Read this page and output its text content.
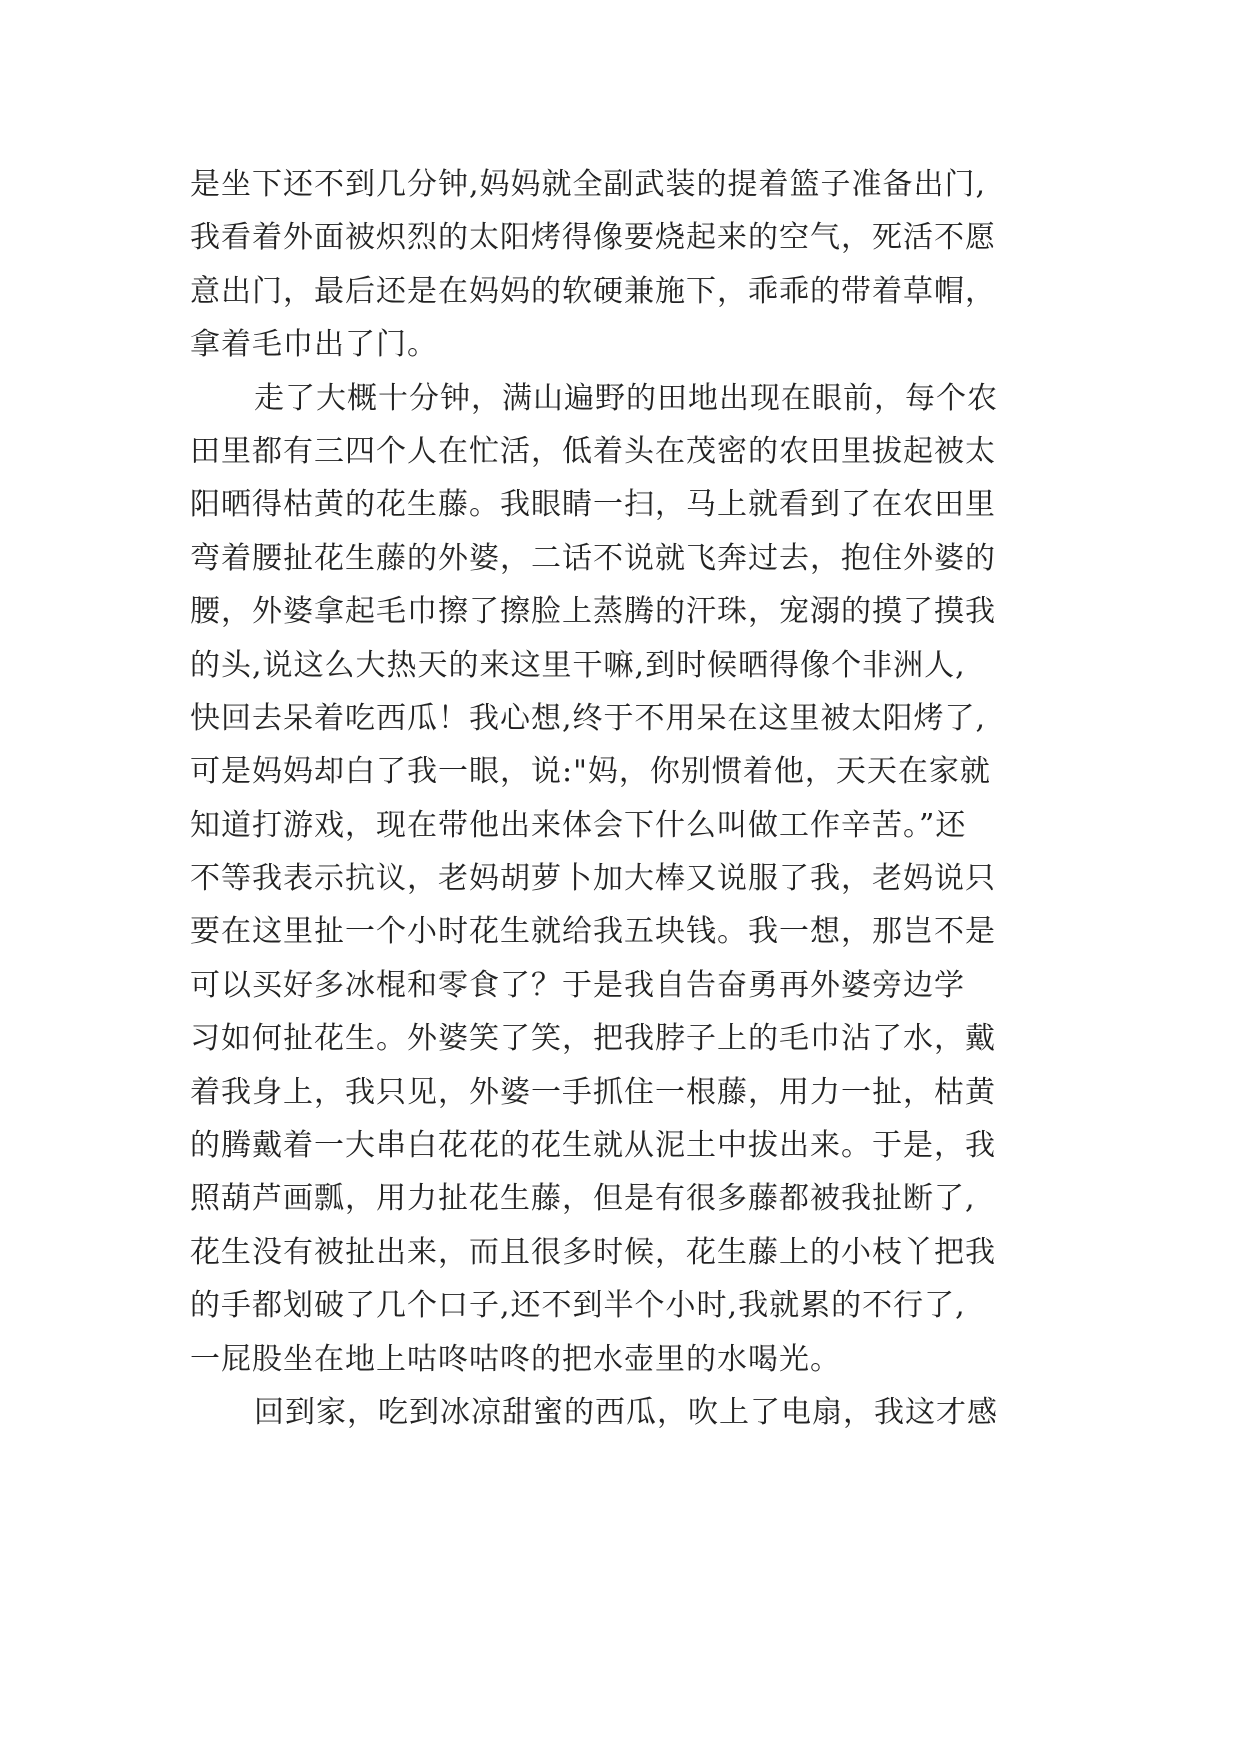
是坐下还不到几分钟,妈妈就全副武装的提着篮子准备出门,
我看着外面被炽烈的太阳烤得像要烧起来的空气，死活不愿
意出门，最后还是在妈妈的软硬兼施下，乖乖的带着草帽，
拿着毛巾出了门。
走了大概十分钟，满山遍野的田地出现在眼前，每个农
田里都有三四个人在忙活，低着头在茂密的农田里拔起被太
阳晒得枯黄的花生藤。我眼睛一扫，马上就看到了在农田里
弯着腰扯花生藤的外婆，二话不说就飞奔过去，抱住外婆的
腰，外婆拿起毛巾擦了擦脸上蒸腾的汗珠，宠溺的摸了摸我
的头,说这么大热天的来这里干嘛,到时候晒得像个非洲人,
快回去呆着吃西瓜！我心想,终于不用呆在这里被太阳烤了,
可是妈妈却白了我一眼，说:"妈，你别惯着他，天天在家就
知道打游戏，现在带他出来体会下什么叫做工作辛苦。”还
不等我表示抗议，老妈胡萝卜加大棒又说服了我，老妈说只
要在这里扯一个小时花生就给我五块钱。我一想，那岂不是
可以买好多冰棍和零食了？于是我自告奋勇再外婆旁边学
习如何扯花生。外婆笑了笑，把我脖子上的毛巾沾了水，戴
着我身上，我只见，外婆一手抓住一根藤，用力一扯，枯黄
的腾戴着一大串白花花的花生就从泥土中拔出来。于是，我
照葫芦画瓢，用力扯花生藤，但是有很多藤都被我扯断了,
花生没有被扯出来，而且很多时候，花生藤上的小枝丫把我
的手都划破了几个口子,还不到半个小时,我就累的不行了,
一屁股坐在地上咕咚咕咚的把水壶里的水喝光。
回到家，吃到冰凉甜蜜的西瓜，吹上了电扇，我这才感
